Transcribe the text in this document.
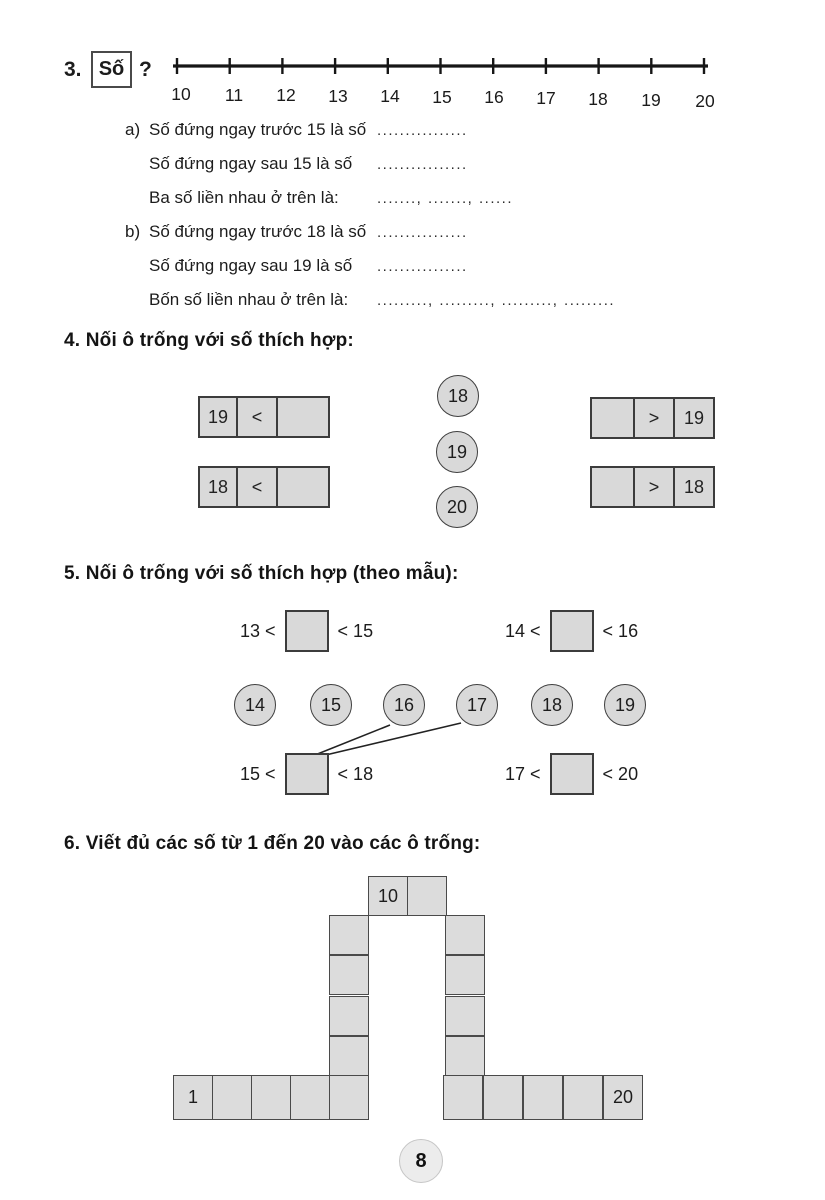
3. Số ?
10 11 12 13 14 15 16 17 18 19 20
a) Số đứng ngay trước 15 là số ................
Số đứng ngay sau 15 là số	................
Ba số liền nhau ở trên là:	......., ......., ......
b) Số đứng ngay trước 18 là số ................
Số đứng ngay sau 19 là số	................
Bốn số liền nhau ở trên là:	........., ........., ........., .........
4. Nối ô trống với số thích hợp:
19	<
18	<
18
19
20
>	19
>	18
5. Nối ô trống với số thích hợp (theo mẫu):
13 <	< 15	14 <	< 16
14	15	16	17	18	19
15 <	< 18	17 <	< 20
6. Viết đủ các số từ 1 đến 20 vào các ô trống:
10
1	20
8
